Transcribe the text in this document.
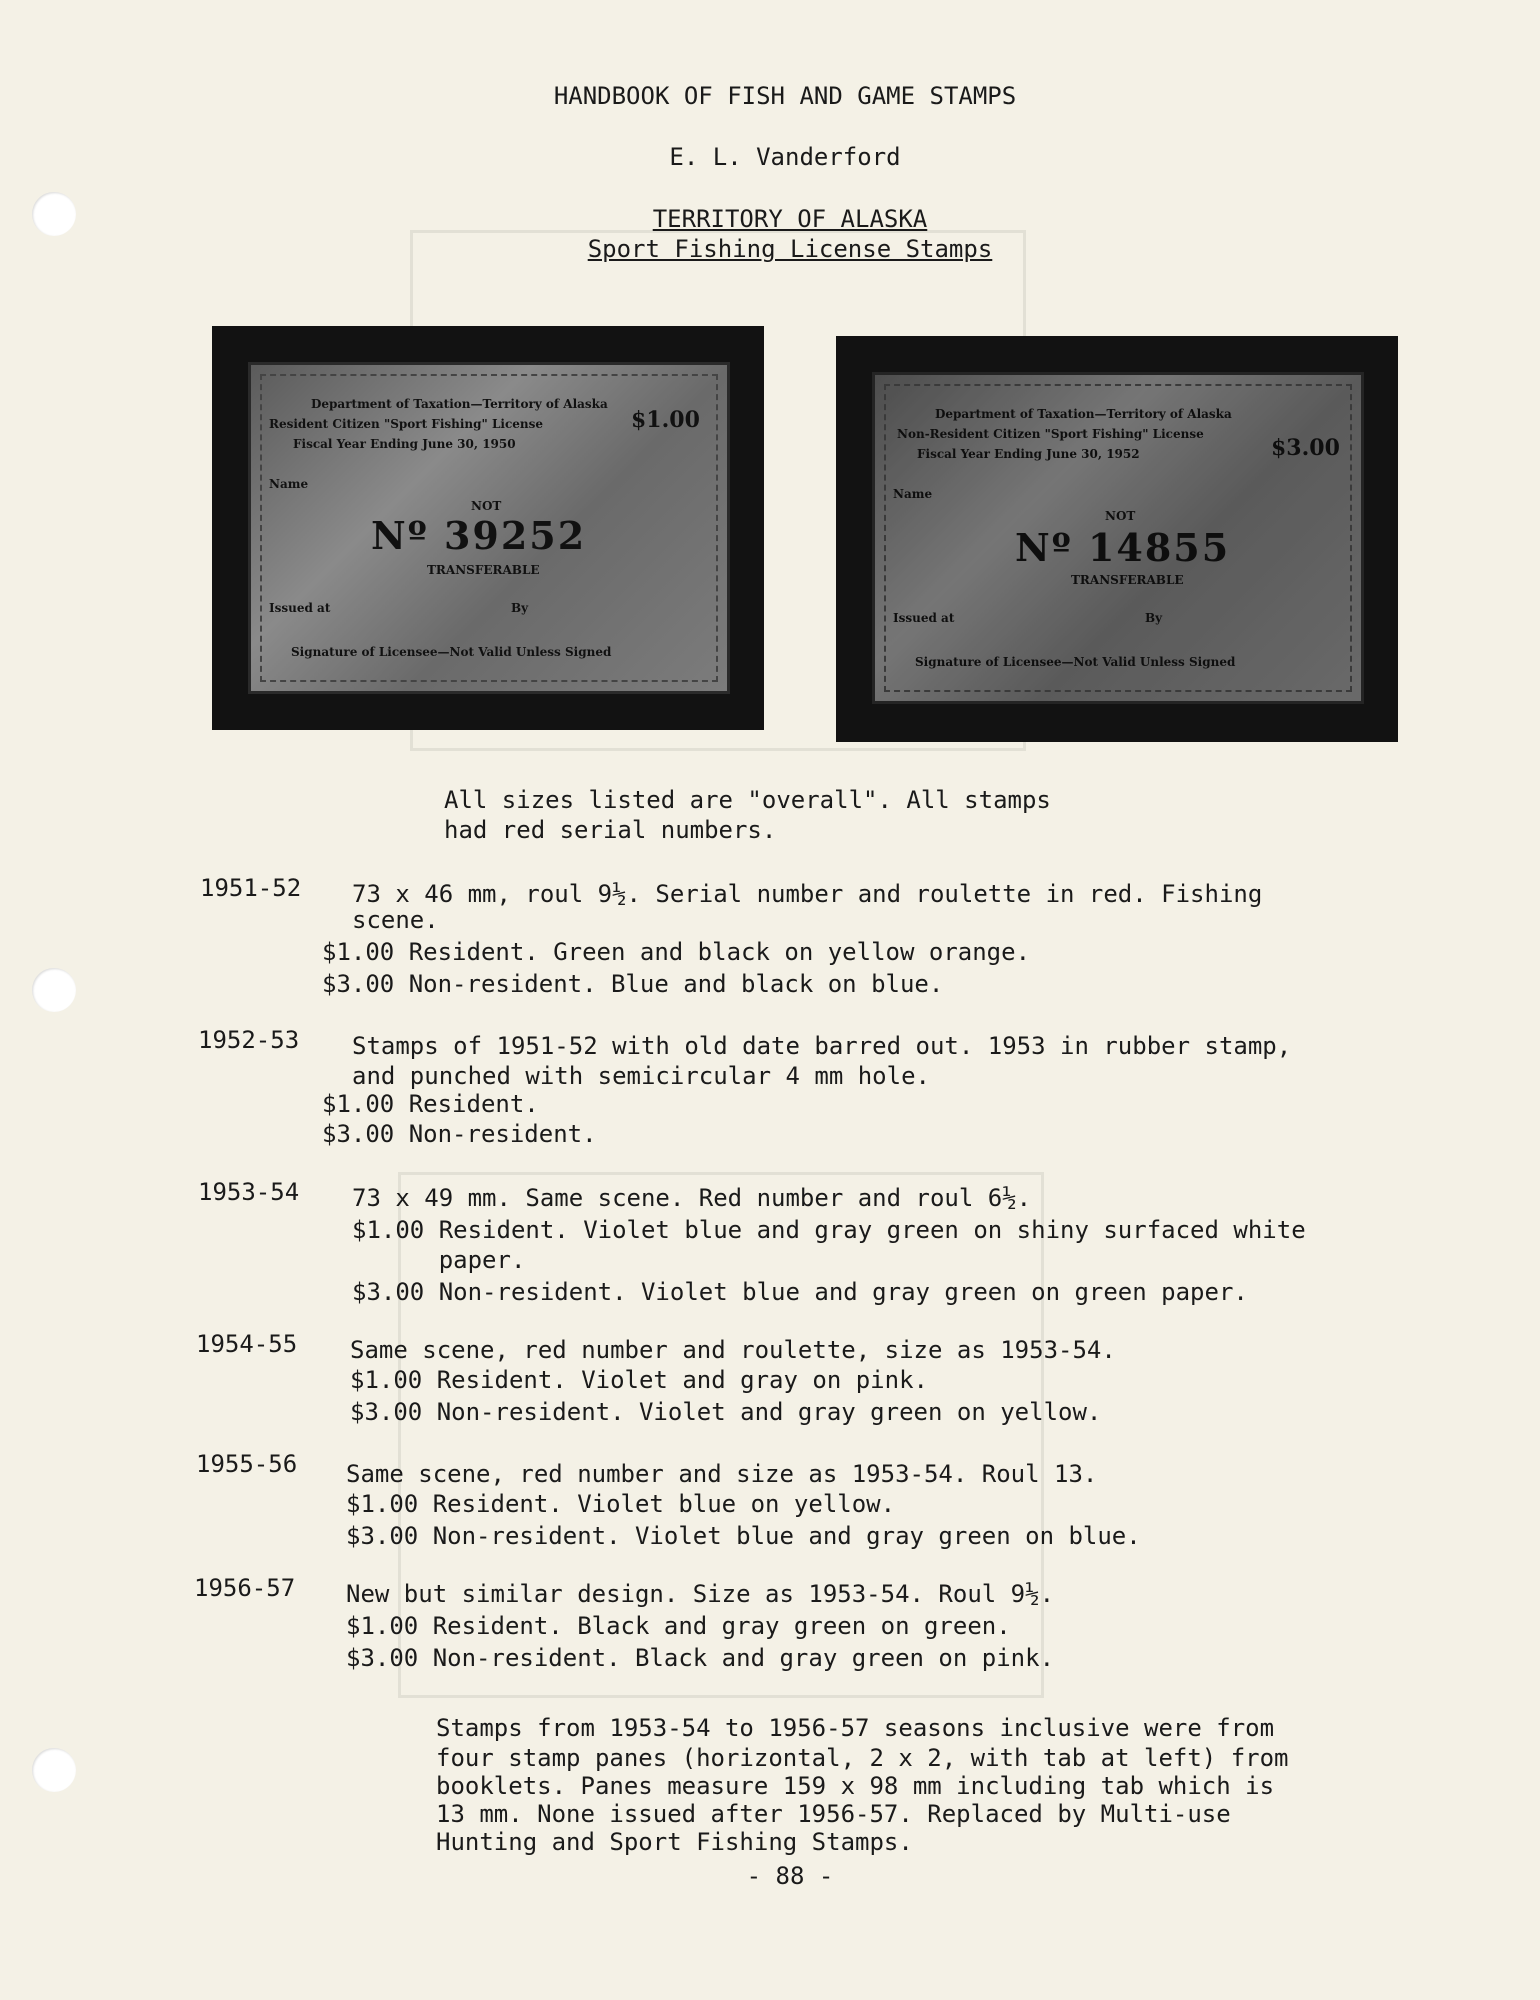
HANDBOOK OF FISH AND GAME STAMPS
E. L. Vanderford
TERRITORY OF ALASKA
Sport Fishing License Stamps
Department of Taxation—Territory of Alaska
Resident Citizen "Sport Fishing" License
Fiscal Year Ending June 30, 1950
$1.00
Name
NOT
Nº 39252
TRANSFERABLE
Issued at	By
Signature of Licensee—Not Valid Unless Signed
Department of Taxation—Territory of Alaska
Non-Resident Citizen "Sport Fishing" License
Fiscal Year Ending June 30, 1952	$3.00
Name
NOT
Nº 14855
TRANSFERABLE
Issued at	By
Signature of Licensee—Not Valid Unless Signed
All sizes listed are "overall". All stamps
had red serial numbers.
1951-52 73 x 46 mm, roul 9½. Serial number and roulette in red. Fishing
scene.
$1.00 Resident. Green and black on yellow orange.
$3.00 Non-resident. Blue and black on blue.
1952-53 Stamps of 1951-52 with old date barred out. 1953 in rubber stamp,
and punched with semicircular 4 mm hole.
$1.00 Resident.
$3.00 Non-resident.
1953-54 73 x 49 mm. Same scene. Red number and roul 6½.
$1.00 Resident. Violet blue and gray green on shiny surfaced white
paper.
$3.00 Non-resident. Violet blue and gray green on green paper.
1954-55 Same scene, red number and roulette, size as 1953-54.
$1.00 Resident. Violet and gray on pink.
$3.00 Non-resident. Violet and gray green on yellow.
1955-56 Same scene, red number and size as 1953-54. Roul 13.
$1.00 Resident. Violet blue on yellow.
$3.00 Non-resident. Violet blue and gray green on blue.
1956-57 New but similar design. Size as 1953-54. Roul 9½.
$1.00 Resident. Black and gray green on green.
$3.00 Non-resident. Black and gray green on pink.
Stamps from 1953-54 to 1956-57 seasons inclusive were from
four stamp panes (horizontal, 2 x 2, with tab at left) from
booklets. Panes measure 159 x 98 mm including tab which is
13 mm. None issued after 1956-57. Replaced by Multi-use
Hunting and Sport Fishing Stamps.
- 88 -
